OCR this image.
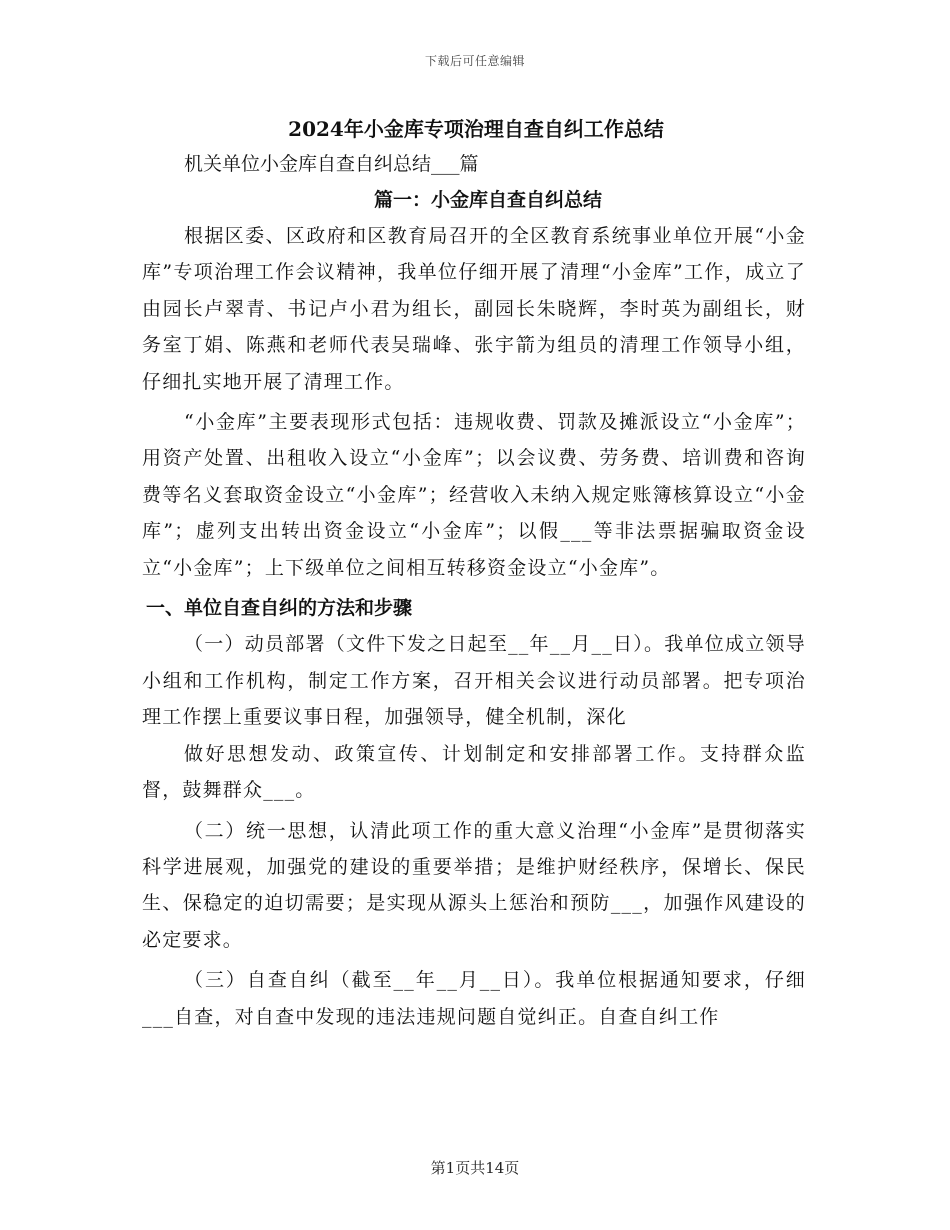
下载后可任意编辑

2024年小金库专项治理自查自纠工作总结

机关单位小金库自查自纠总结___篇

篇一：小金库自查自纠总结

根据区委、区政府和区教育局召开的全区教育系统事业单位开展“小金库”专项治理工作会议精神，我单位仔细开展了清理“小金库”工作，成立了由园长卢翠青、书记卢小君为组长，副园长朱晓辉，李时英为副组长，财务室丁娟、陈燕和老师代表吴瑞峰、张宇箭为组员的清理工作领导小组，仔细扎实地开展了清理工作。

“小金库”主要表现形式包括：违规收费、罚款及摊派设立“小金库”；用资产处置、出租收入设立“小金库”；以会议费、劳务费、培训费和咨询费等名义套取资金设立“小金库”；经营收入未纳入规定账簿核算设立“小金库”；虚列支出转出资金设立“小金库”；以假___等非法票据骗取资金设立“小金库”；上下级单位之间相互转移资金设立“小金库”。

一、单位自查自纠的方法和步骤

（一）动员部署（文件下发之日起至__年__月__日）。我单位成立领导小组和工作机构，制定工作方案，召开相关会议进行动员部署。把专项治理工作摆上重要议事日程，加强领导，健全机制，深化

做好思想发动、政策宣传、计划制定和安排部署工作。支持群众监督，鼓舞群众___。

（二）统一思想，认清此项工作的重大意义治理“小金库”是贯彻落实科学进展观，加强党的建设的重要举措；是维护财经秩序，保增长、保民生、保稳定的迫切需要；是实现从源头上惩治和预防___，加强作风建设的必定要求。

（三）自查自纠（截至__年__月__日）。我单位根据通知要求，仔细___自查，对自查中发现的违法违规问题自觉纠正。自查自纠工作

第1页共14页
